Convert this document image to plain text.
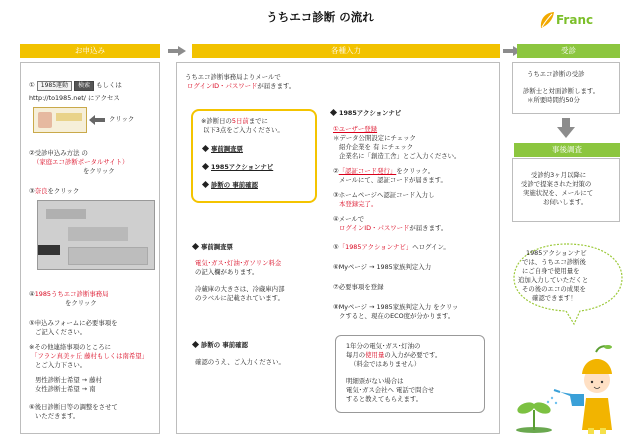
うちエコ診断 の流れ	Franc
お申込み	各種入力	受診
① 1985運動 検索 もしくは
http://to1985.net/ にアクセス
クリック
②受診申込み方法 の
（家庭エコ診断ポータルサイト）
をクリック
③奈良をクリック
④1985うちエコ診断事務局
をクリック
⑤申込みフォームに必要事項を
ご記入ください。
※その他連絡事項のところに
「フラン真美ヶ丘 藤村もしくは南希望」
とご入力下さい。
男性診断士希望 → 藤村
女性診断士希望 → 南
⑥後日診断日等の調整をさせて
いただきます。
うちエコ診断事務局よりメールで
ログインID・パスワードが届きます。
※診断日の5日前までに
以下3点をご入力ください。
事前調査票
1985アクションナビ
診断の 事前確認
事前調査票
電気･ガス･灯油･ガソリン料金
の記入欄があります。
冷蔵庫の大きさは、冷蔵庫内部
のラベルに記載されています。
診断の 事前確認
確認のうえ、ご入力ください。
1985アクションナビ
①ユーザー登録
＊データ公開設定にチェック
紹介企業を 有 にチェック
企業名に「創造工舎」とご入力ください。
②「認証コード発行」をクリック。
メールにて、認証コードが届きます。
③ホームページへ認証コード入力し
本登録完了。
④メールで
ログインID・パスワードが届きます。
⑤「1985アクションナビ」へログイン。
⑥Myページ → 1985家族判定入力
⑦必要事項を登録
⑧Myページ → 1985家族判定入力 をクリッ
クすると、現在のECO度が分かります。
1年分の電気･ガス･灯油の
毎月の使用量の入力が必要です。
（料金ではありません）
明細票がない場合は
電気･ガス会社へ 電話で問合せ
すると教えてもらえます。
うちエコ診断の受診
診断士と対面診断します。
＊所要時間約50分
事後調査
受診約3ヶ月以降に
受診で提案された対策の
実施状況を、メールにて
お伺いします。
1985アクションナビ
では、うちエコ診断後
にご自身で使用量を
追加入力していただくと
その後のエコの成果を
確認できます！
